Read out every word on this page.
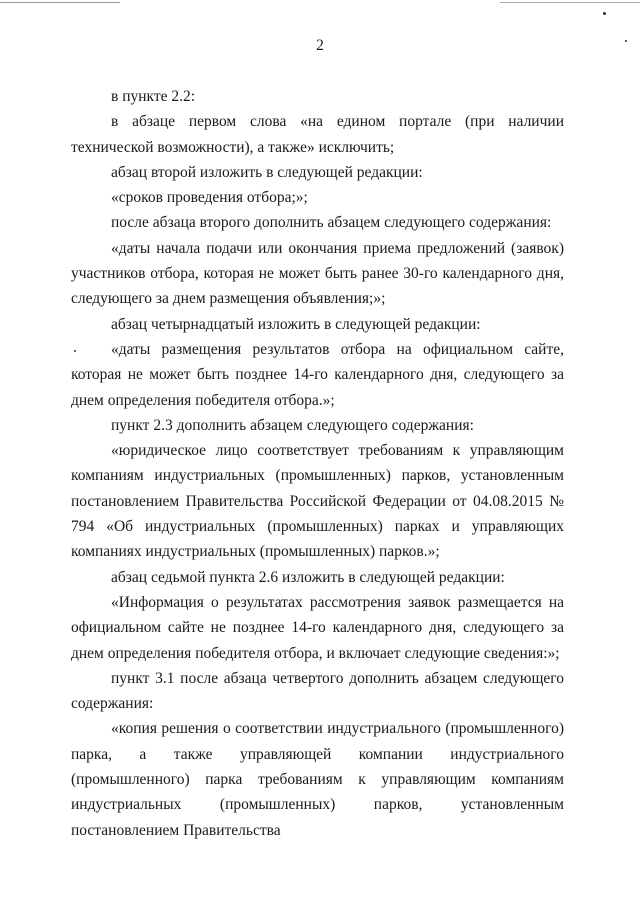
2

в пункте 2.2:

в абзаце первом слова «на едином портале (при наличии технической возможности), а также» исключить;

абзац второй изложить в следующей редакции:

«сроков проведения отбора;»;

после абзаца второго дополнить абзацем следующего содержания:

«даты начала подачи или окончания приема предложений (заявок) участников отбора, которая не может быть ранее 30-го календарного дня, следующего за днем размещения объявления;»;

абзац четырнадцатый изложить в следующей редакции:

«даты размещения результатов отбора на официальном сайте, которая не может быть позднее 14-го календарного дня, следующего за днем определения победителя отбора.»;

пункт 2.3 дополнить абзацем следующего содержания:

«юридическое лицо соответствует требованиям к управляющим компаниям индустриальных (промышленных) парков, установленным постановлением Правительства Российской Федерации от 04.08.2015 № 794 «Об индустриальных (промышленных) парках и управляющих компаниях индустриальных (промышленных) парков.»;

абзац седьмой пункта 2.6 изложить в следующей редакции:

«Информация о результатах рассмотрения заявок размещается на официальном сайте не позднее 14-го календарного дня, следующего за днем определения победителя отбора, и включает следующие сведения:»;

пункт 3.1 после абзаца четвертого дополнить абзацем следующего содержания:

«копия решения о соответствии индустриального (промышленного) парка, а также управляющей компании индустриального (промышленного) парка требованиям к управляющим компаниям индустриальных (промышленных) парков, установленным постановлением Правительства
